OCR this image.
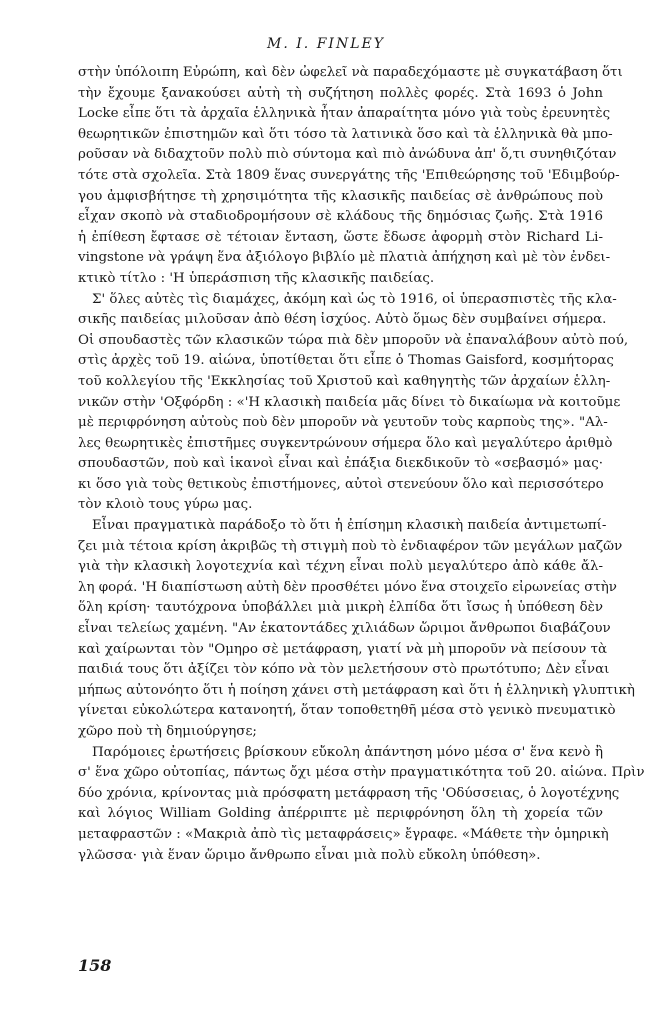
M. I. FINLEY
στὴν ὑπόλοιπη Εὐρώπη, καὶ δὲν ὠφελεῖ νὰ παραδεχόμαστε μὲ συγκατάβαση ὅτι
τὴν ἔχουμε ξανακούσει αὐτὴ τὴ συζήτηση πολλὲς φορές. Στὰ 1693 ὁ John
Locke εἶπε ὅτι τὰ ἀρχαῖα ἑλληνικὰ ἦταν ἀπαραίτητα μόνο γιὰ τοὺς ἐρευνητὲς
θεωρητικῶν ἐπιστημῶν καὶ ὅτι τόσο τὰ λατινικὰ ὅσο καὶ τὰ ἑλληνικὰ θὰ μπο-
ροῦσαν νὰ διδαχτοῦν πολὺ πιὸ σύντομα καὶ πιὸ ἀνώδυνα ἀπ' ὅ,τι συνηθιζόταν
τότε στὰ σχολεῖα. Στὰ 1809 ἕνας συνεργάτης τῆς 'Επιθεώρησης τοῦ 'Εδιμβούρ-
γου ἀμφισβήτησε τὴ χρησιμότητα τῆς κλασικῆς παιδείας σὲ ἀνθρώπους ποὺ
εἶχαν σκοπὸ νὰ σταδιοδρομήσουν σὲ κλάδους τῆς δημόσιας ζωῆς. Στὰ 1916
ἡ ἐπίθεση ἔφτασε σὲ τέτοιαν ἔνταση, ὥστε ἔδωσε ἀφορμὴ στὸν Richard Li-
vingstone νὰ γράψη ἕνα ἀξιόλογο βιβλίο μὲ πλατιὰ ἀπήχηση καὶ μὲ τὸν ἐνδει-
κτικὸ τίτλο : 'Η ὑπεράσπιση τῆς κλασικῆς παιδείας.
Σ' ὅλες αὐτὲς τὶς διαμάχες, ἀκόμη καὶ ὡς τὸ 1916, οἱ ὑπερασπιστὲς τῆς κλα-
σικῆς παιδείας μιλοῦσαν ἀπὸ θέση ἰσχύος. Αὐτὸ ὅμως δὲν συμβαίνει σήμερα.
Οἱ σπουδαστὲς τῶν κλασικῶν τώρα πιὰ δὲν μποροῦν νὰ ἐπαναλάβουν αὐτὸ πού,
στὶς ἀρχὲς τοῦ 19. αἰώνα, ὑποτίθεται ὅτι εἶπε ὁ Thomas Gaisford, κοσμήτορας
τοῦ κολλεγίου τῆς 'Εκκλησίας τοῦ Χριστοῦ καὶ καθηγητὴς τῶν ἀρχαίων ἑλλη-
νικῶν στὴν 'Οξφόρδη : «'Η κλασικὴ παιδεία μᾶς δίνει τὸ δικαίωμα νὰ κοιτοῦμε
μὲ περιφρόνηση αὐτοὺς ποὺ δὲν μποροῦν νὰ γευτοῦν τοὺς καρποὺς της». "Αλ-
λες θεωρητικὲς ἐπιστῆμες συγκεντρώνουν σήμερα ὅλο καὶ μεγαλύτερο ἀριθμὸ
σπουδαστῶν, ποὺ καὶ ἱκανοὶ εἶναι καὶ ἐπάξια διεκδικοῦν τὸ «σεβασμό» μας·
κι ὅσο γιὰ τοὺς θετικοὺς ἐπιστήμονες, αὐτοὶ στενεύουν ὅλο καὶ περισσότερο
τὸν κλοιὸ τους γύρω μας.
Εἶναι πραγματικὰ παράδοξο τὸ ὅτι ἡ ἐπίσημη κλασικὴ παιδεία ἀντιμετωπί-
ζει μιὰ τέτοια κρίση ἀκριβῶς τὴ στιγμὴ ποὺ τὸ ἐνδιαφέρον τῶν μεγάλων μαζῶν
γιὰ τὴν κλασικὴ λογοτεχνία καὶ τέχνη εἶναι πολὺ μεγαλύτερο ἀπὸ κάθε ἄλ-
λη φορά. 'Η διαπίστωση αὐτὴ δὲν προσθέτει μόνο ἕνα στοιχεῖο εἰρωνείας στὴν
ὅλη κρίση· ταυτόχρονα ὑποβάλλει μιὰ μικρὴ ἐλπίδα ὅτι ἴσως ἡ ὑπόθεση δὲν
εἶναι τελείως χαμένη. "Αν ἑκατοντάδες χιλιάδων ὥριμοι ἄνθρωποι διαβάζουν
καὶ χαίρωνται τὸν "Ομηρο σὲ μετάφραση, γιατί νὰ μὴ μποροῦν νὰ πείσουν τὰ
παιδιά τους ὅτι ἀξίζει τὸν κόπο νὰ τὸν μελετήσουν στὸ πρωτότυπο; Δὲν εἶναι
μήπως αὐτονόητο ὅτι ἡ ποίηση χάνει στὴ μετάφραση καὶ ὅτι ἡ ἑλληνικὴ γλυπτικὴ
γίνεται εὐκολώτερα κατανοητή, ὅταν τοποθετηθῆ μέσα στὸ γενικὸ πνευματικὸ
χῶρο ποὺ τὴ δημιούργησε;
Παρόμοιες ἐρωτήσεις βρίσκουν εὔκολη ἀπάντηση μόνο μέσα σ' ἕνα κενὸ ἢ
σ' ἕνα χῶρο οὐτοπίας, πάντως ὄχι μέσα στὴν πραγματικότητα τοῦ 20. αἰώνα. Πρὶν
δύο χρόνια, κρίνοντας μιὰ πρόσφατη μετάφραση τῆς 'Οδύσσειας, ὁ λογοτέχνης
καὶ λόγιος William Golding ἀπέρριπτε μὲ περιφρόνηση ὅλη τὴ χορεία τῶν
μεταφραστῶν : «Μακριὰ ἀπὸ τὶς μεταφράσεις» ἔγραφε. «Μάθετε τὴν ὁμηρικὴ
γλῶσσα· γιὰ ἕναν ὥριμο ἄνθρωπο εἶναι μιὰ πολὺ εὔκολη ὑπόθεση».
158
